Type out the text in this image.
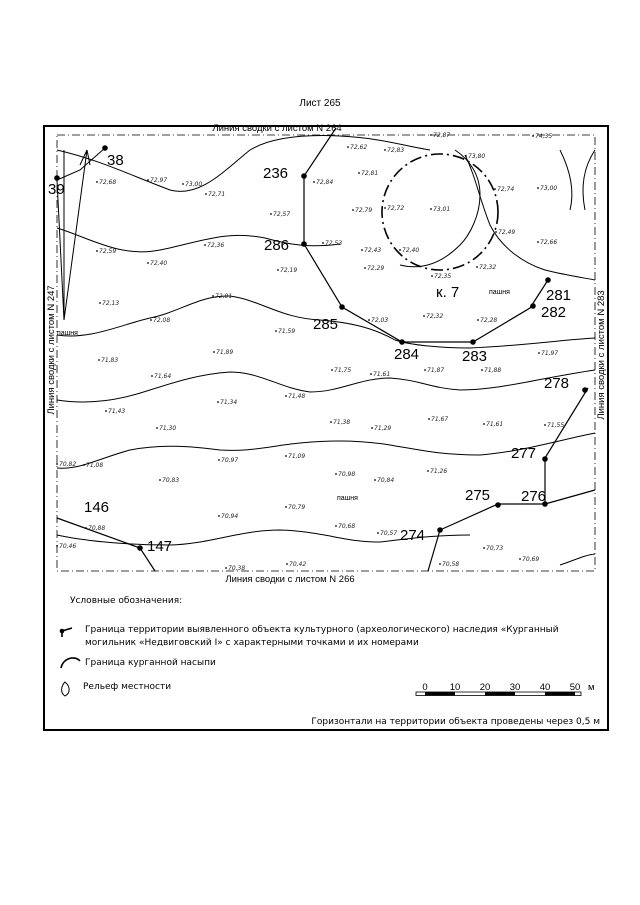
Лист 265
38
39
236
286
285
284	283
282
281
278
277
276
275
274
146
147
к. 7	пашня
пашня
пашня
72,62	72,83
72,87
73,80
74,35
72,68	72,97
73,00	72,84
72,81
72,74	73,00
72,71
72,79 72,72	73,01
72,57
72,49
72,66
72,59
72,36	72,53
72,43	72,40
72,40
72,19	72,29
72,35
72,32
72,13
72,01
72,08
71,59
72,03
72,32
72,28
71,83
71,89
71,75
71,61
71,87	71,88
71,97
71,64
71,43
71,34
71,48
71,38
71,29
71,67
71,61	71,55
71,30
71,08
70,83
70,97
71,09
70,98
70,84
71,26
70,88
70,94
70,79
70,68
70,57
70,73
70,69
70,58
70,38
70,42
70,46
70,82
Линия сводки с листом N 264
Линия сводки с листом N 266
Линия сводки с листом N 247	Линия сводки с листом N 283
Условные обозначения:
Граница территории выявленного объекта культурного (археологического) наследия «Курганный
могильник «Недвиговский I» с характерными точками и их номерами
Граница курганной насыпи
Рельеф местности	0 10 20 30 40 50 м
Горизонтали на территории объекта проведены через 0,5 м
